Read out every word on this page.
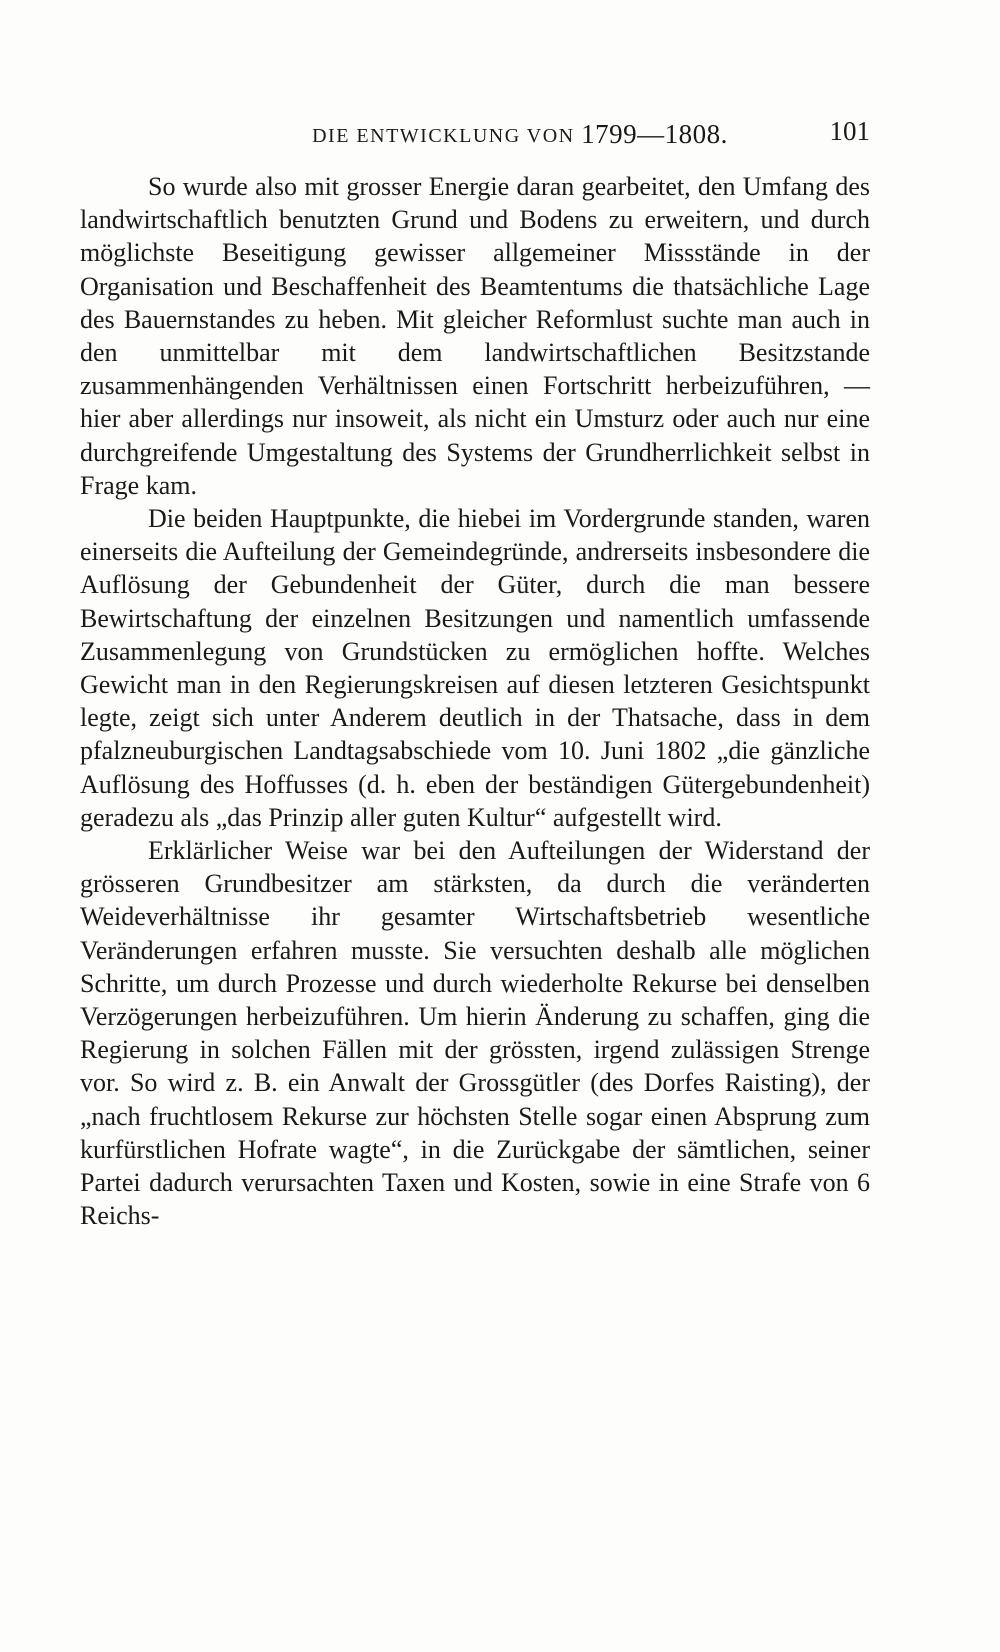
DIE ENTWICKLUNG VON 1799—1808.	101

So wurde also mit grosser Energie daran gearbeitet, den Umfang des landwirtschaftlich benutzten Grund und Bodens zu erweitern, und durch möglichste Beseitigung gewisser allgemeiner Missstände in der Organisation und Beschaffenheit des Beamtentums die thatsächliche Lage des Bauernstandes zu heben. Mit gleicher Reformlust suchte man auch in den unmittelbar mit dem landwirtschaftlichen Besitzstande zusammenhängenden Verhältnissen einen Fortschritt herbeizuführen, — hier aber allerdings nur insoweit, als nicht ein Umsturz oder auch nur eine durchgreifende Umgestaltung des Systems der Grundherrlichkeit selbst in Frage kam.

Die beiden Hauptpunkte, die hiebei im Vordergrunde standen, waren einerseits die Aufteilung der Gemeindegründe, andrerseits insbesondere die Auflösung der Gebundenheit der Güter, durch die man bessere Bewirtschaftung der einzelnen Besitzungen und namentlich umfassende Zusammenlegung von Grundstücken zu ermöglichen hoffte. Welches Gewicht man in den Regierungskreisen auf diesen letzteren Gesichtspunkt legte, zeigt sich unter Anderem deutlich in der Thatsache, dass in dem pfalzneuburgischen Landtagsabschiede vom 10. Juni 1802 „die gänzliche Auflösung des Hoffusses (d. h. eben der beständigen Gütergebundenheit) geradezu als „das Prinzip aller guten Kultur“ aufgestellt wird.

Erklärlicher Weise war bei den Aufteilungen der Widerstand der grösseren Grundbesitzer am stärksten, da durch die veränderten Weideverhältnisse ihr gesamter Wirtschaftsbetrieb wesentliche Veränderungen erfahren musste. Sie versuchten deshalb alle möglichen Schritte, um durch Prozesse und durch wiederholte Rekurse bei denselben Verzögerungen herbeizuführen. Um hierin Änderung zu schaffen, ging die Regierung in solchen Fällen mit der grössten, irgend zulässigen Strenge vor. So wird z. B. ein Anwalt der Grossgütler (des Dorfes Raisting), der „nach fruchtlosem Rekurse zur höchsten Stelle sogar einen Absprung zum kurfürstlichen Hofrate wagte“, in die Zurückgabe der sämtlichen, seiner Partei dadurch verursachten Taxen und Kosten, sowie in eine Strafe von 6 Reichs-
